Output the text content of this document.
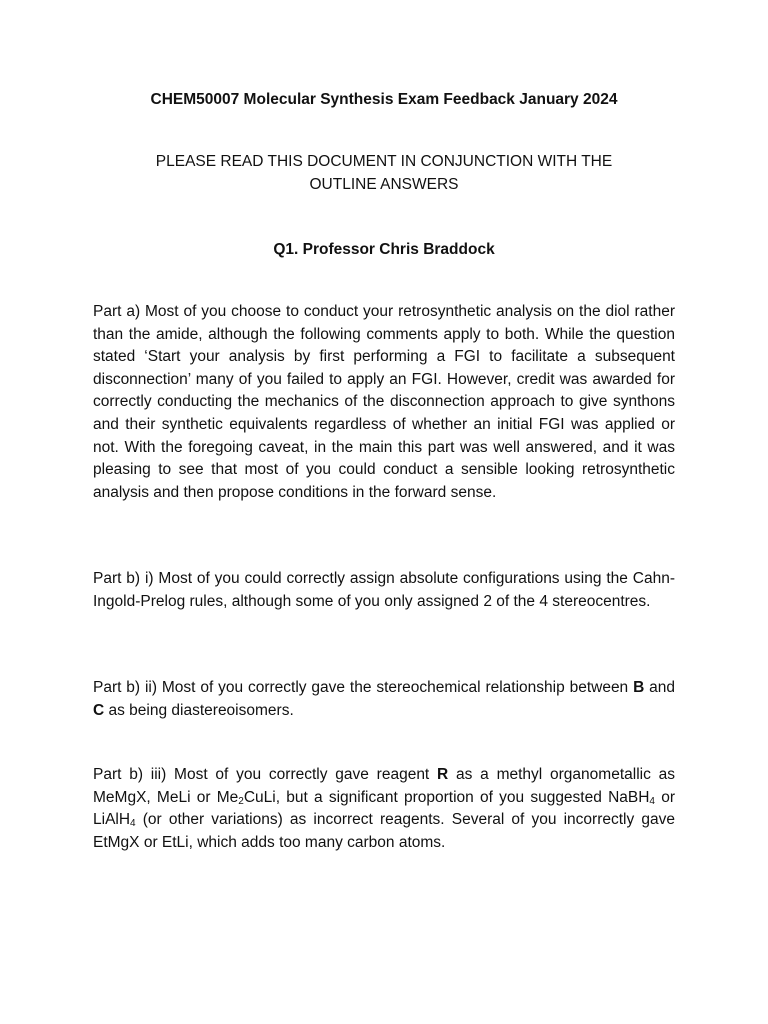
CHEM50007 Molecular Synthesis Exam Feedback January 2024
PLEASE READ THIS DOCUMENT IN CONJUNCTION WITH THE OUTLINE ANSWERS
Q1. Professor Chris Braddock

Part a) Most of you choose to conduct your retrosynthetic analysis on the diol rather than the amide, although the following comments apply to both. While the question stated ‘Start your analysis by first performing a FGI to facilitate a subsequent disconnection’ many of you failed to apply an FGI. However, credit was awarded for correctly conducting the mechanics of the disconnection approach to give synthons and their synthetic equivalents regardless of whether an initial FGI was applied or not. With the foregoing caveat, in the main this part was well answered, and it was pleasing to see that most of you could conduct a sensible looking retrosynthetic analysis and then propose conditions in the forward sense.

Part b) i) Most of you could correctly assign absolute configurations using the Cahn-Ingold-Prelog rules, although some of you only assigned 2 of the 4 stereocentres.

Part b) ii) Most of you correctly gave the stereochemical relationship between B and C as being diastereoisomers.

Part b) iii) Most of you correctly gave reagent R as a methyl organometallic as MeMgX, MeLi or $Me_2CuLi$, but a significant proportion of you suggested NaBH$_4$ or LiAlH$_4$ (or other variations) as incorrect reagents. Several of you incorrectly gave EtMgX or EtLi, which adds too many carbon atoms.
